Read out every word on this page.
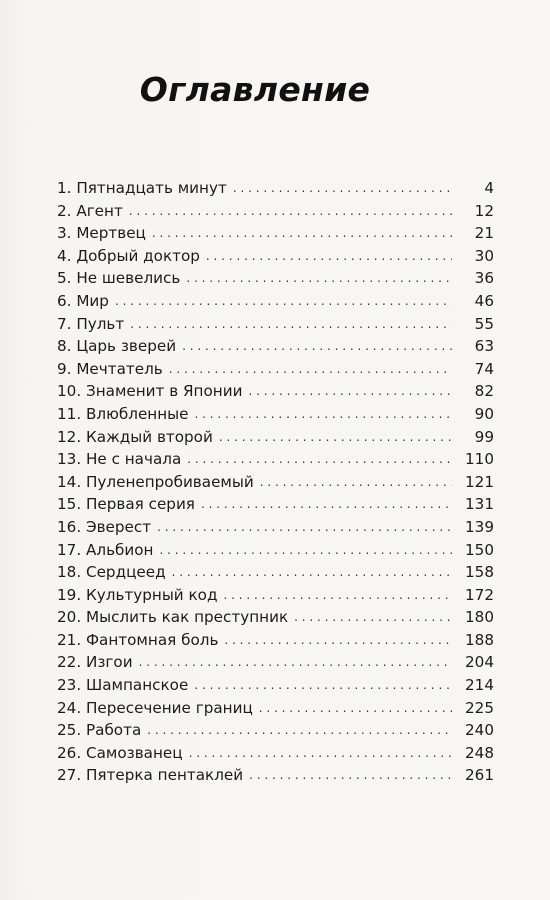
Оглавление
1. Пятнадцать минут . . .	4
2. Агент . . .	12
3. Мертвец . . .	21
4. Добрый доктор . . .	30
5. Не шевелись . . .	36
6. Мир . . .	46
7. Пульт . . .	55
8. Царь зверей . . .	63
9. Мечтатель . . .	74
10. Знаменит в Японии . . .	82
11. Влюбленные . . .	90
12. Каждый второй . . .	99
13. Не с начала . . .	110
14. Пуленепробиваемый . . .	121
15. Первая серия . . .	131
16. Эверест . . .	139
17. Альбион . . .	150
18. Сердцеед . . .	158
19. Культурный код . . .	172
20. Мыслить как преступник . . .	180
21. Фантомная боль . . .	188
22. Изгои . . .	204
23. Шампанское . . .	214
24. Пересечение границ . . .	225
25. Работа . . .	240
26. Самозванец . . .	248
27. Пятерка пентаклей . . .	261
